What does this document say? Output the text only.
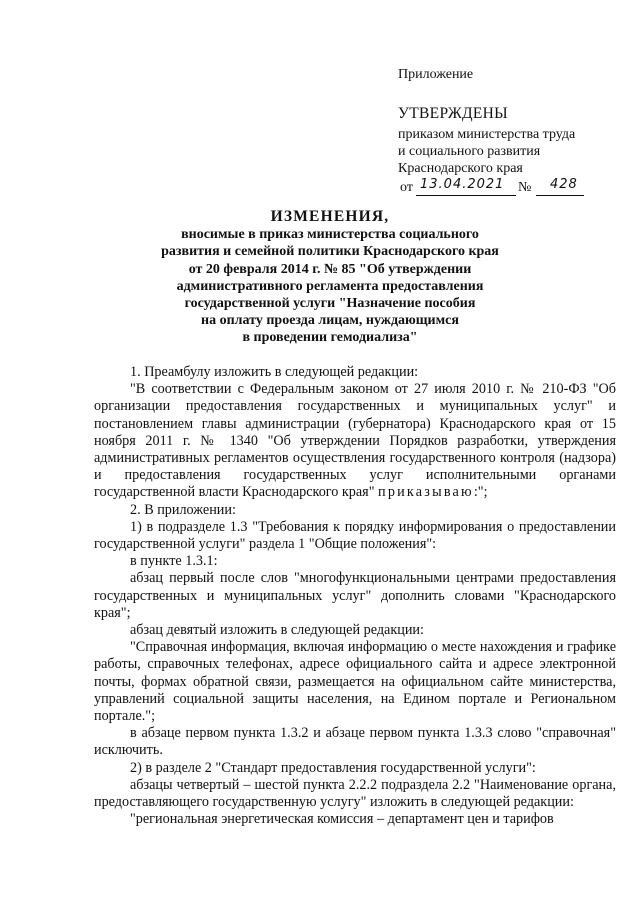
Приложение
УТВЕРЖДЕНЫ
приказом министерства труда
и социального развития
Краснодарского края
от 13.04.2021 № 428
ИЗМЕНЕНИЯ,
вносимые в приказ министерства социального
развития и семейной политики Краснодарского края
от 20 февраля 2014 г. № 85 "Об утверждении
административного регламента предоставления
государственной услуги "Назначение пособия
на оплату проезда лицам, нуждающимся
в проведении гемодиализа"

1. Преамбулу изложить в следующей редакции:

"В соответствии с Федеральным законом от 27 июля 2010 г. № 210-ФЗ "Об организации предоставления государственных и муниципальных услуг" и постановлением главы администрации (губернатора) Краснодарского края от 15 ноября 2011 г. № 1340 "Об утверждении Порядков разработки, утверждения административных регламентов осуществления государственного контроля (надзора) и предоставления государственных услуг исполнительными органами государственной власти Краснодарского края" приказываю:";

2. В приложении:

1) в подразделе 1.3 "Требования к порядку информирования о предоставлении государственной услуги" раздела 1 "Общие положения":

в пункте 1.3.1:

абзац первый после слов "многофункциональными центрами предоставления государственных и муниципальных услуг" дополнить словами "Краснодарского края";

абзац девятый изложить в следующей редакции:

"Справочная информация, включая информацию о месте нахождения и графике работы, справочных телефонах, адресе официального сайта и адресе электронной почты, формах обратной связи, размещается на официальном сайте министерства, управлений социальной защиты населения, на Едином портале и Региональном портале.";

в абзаце первом пункта 1.3.2 и абзаце первом пункта 1.3.3 слово "справочная" исключить.

2) в разделе 2 "Стандарт предоставления государственной услуги":

абзацы четвертый – шестой пункта 2.2.2 подраздела 2.2 "Наименование органа, предоставляющего государственную услугу" изложить в следующей редакции:

"региональная энергетическая комиссия – департамент цен и тарифов
